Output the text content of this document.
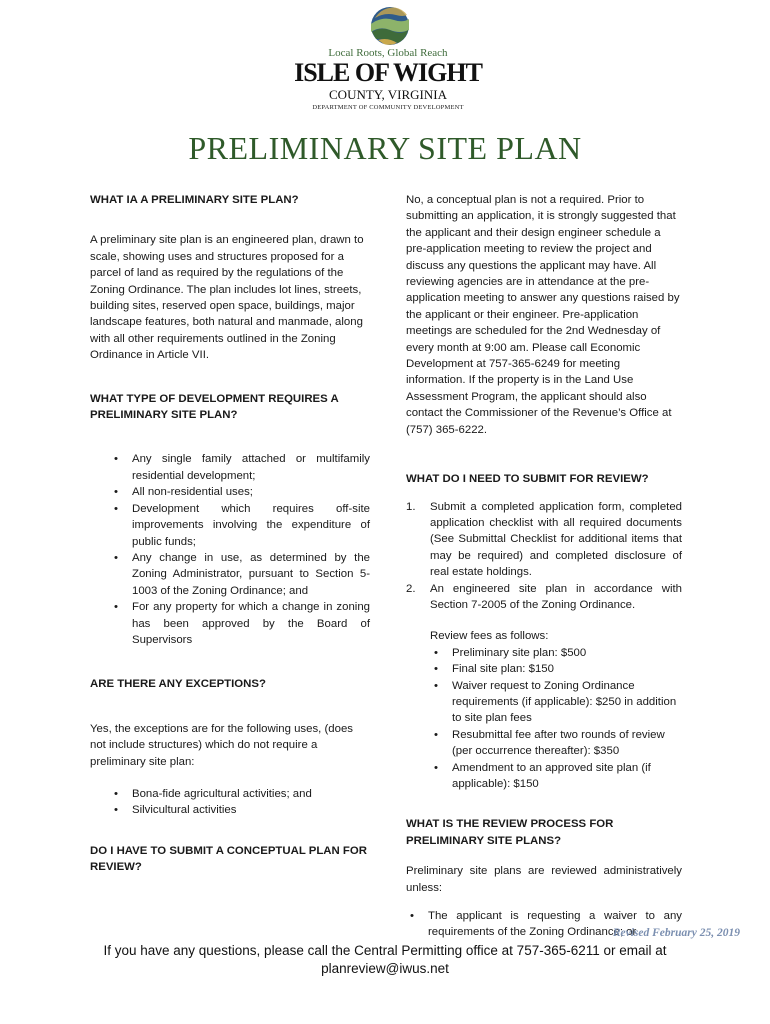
Local Roots, Global Reach
ISLE OF WIGHT
COUNTY, VIRGINIA
DEPARTMENT OF COMMUNITY DEVELOPMENT
PRELIMINARY SITE PLAN
WHAT IA A PRELIMINARY SITE PLAN?

A preliminary site plan is an engineered plan, drawn to scale, showing uses and structures proposed for a parcel of land as required by the regulations of the Zoning Ordinance. The plan includes lot lines, streets, building sites, reserved open space, buildings, major landscape features, both natural and manmade, along with all other requirements outlined in the Zoning Ordinance in Article VII.

WHAT TYPE OF DEVELOPMENT REQUIRES A PRELIMINARY SITE PLAN?
• Any single family attached or multifamily residential development;
• All non-residential uses;
• Development which requires off-site improvements involving the expenditure of public funds;
• Any change in use, as determined by the Zoning Administrator, pursuant to Section 5-1003 of the Zoning Ordinance; and
• For any property for which a change in zoning has been approved by the Board of Supervisors
ARE THERE ANY EXCEPTIONS?

Yes, the exceptions are for the following uses, (does not include structures) which do not require a preliminary site plan:

• Bona-fide agricultural activities; and
• Silvicultural activities
DO I HAVE TO SUBMIT A CONCEPTUAL PLAN FOR REVIEW?

No, a conceptual plan is not a required. Prior to submitting an application, it is strongly suggested that the applicant and their design engineer schedule a pre-application meeting to review the project and discuss any questions the applicant may have. All reviewing agencies are in attendance at the pre-application meeting to answer any questions raised by the applicant or their engineer. Pre-application meetings are scheduled for the 2nd Wednesday of every month at 9:00 am. Please call Economic Development at 757-365-6249 for meeting information. If the property is in the Land Use Assessment Program, the applicant should also contact the Commissioner of the Revenue’s Office at (757) 365-6222.

WHAT DO I NEED TO SUBMIT FOR REVIEW?
1. Submit a completed application form, completed application checklist with all required documents (See Submittal Checklist for additional items that may be required) and completed disclosure of real estate holdings.
2. An engineered site plan in accordance with Section 7-2005 of the Zoning Ordinance.

Review fees as follows:

• Preliminary site plan: $500
• Final site plan: $150
• Waiver request to Zoning Ordinance requirements (if applicable): $250 in addition to site plan fees
• Resubmittal fee after two rounds of review (per occurrence thereafter): $350
• Amendment to an approved site plan (if applicable): $150
WHAT IS THE REVIEW PROCESS FOR PRELIMINARY SITE PLANS?

Preliminary site plans are reviewed administratively unless:

• The applicant is requesting a waiver to any requirements of the Zoning Ordinance; or
Revised February 25, 2019
If you have any questions, please call the Central Permitting office at 757-365-6211 or email at
planreview@iwus.net
